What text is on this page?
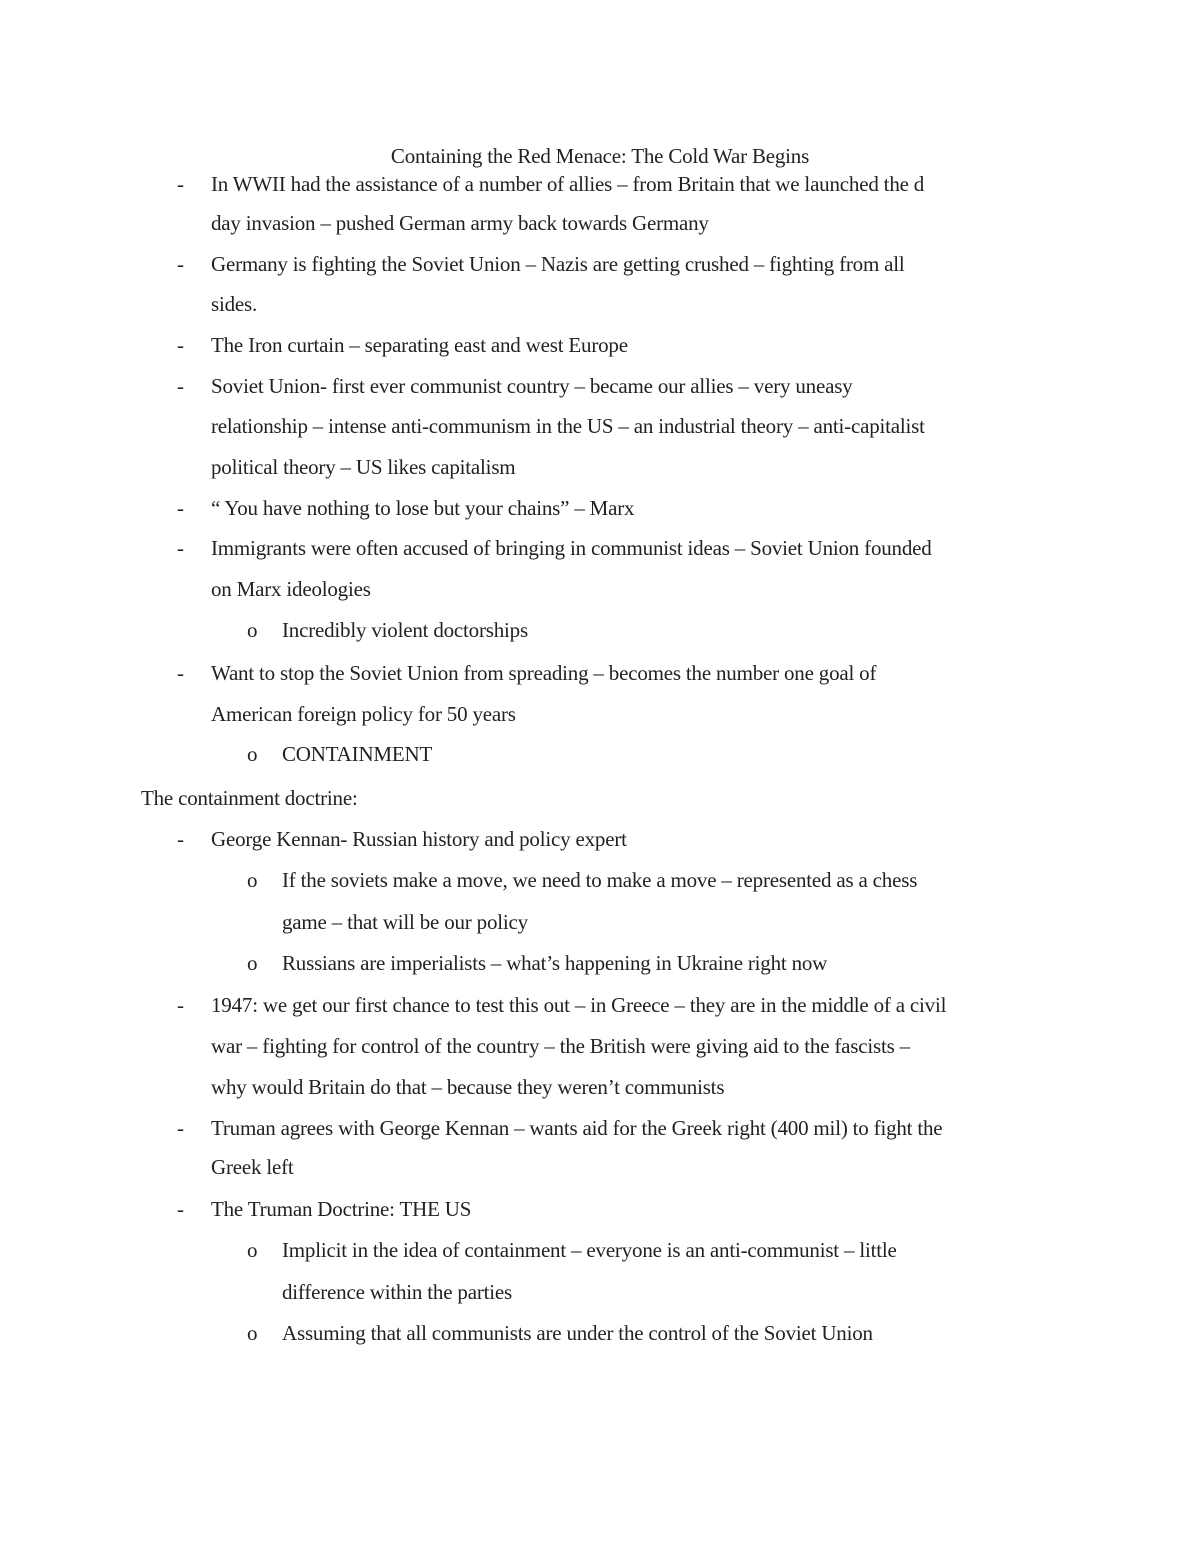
Containing the Red Menace: The Cold War Begins
- In WWII had the assistance of a number of allies – from Britain that we launched the d
day invasion – pushed German army back towards Germany
- Germany is fighting the Soviet Union – Nazis are getting crushed – fighting from all
sides.
- The Iron curtain – separating east and west Europe
- Soviet Union- first ever communist country – became our allies – very uneasy
relationship – intense anti-communism in the US – an industrial theory – anti-capitalist
political theory – US likes capitalism
- “ You have nothing to lose but your chains” – Marx
- Immigrants were often accused of bringing in communist ideas – Soviet Union founded
on Marx ideologies
o Incredibly violent doctorships
- Want to stop the Soviet Union from spreading – becomes the number one goal of
American foreign policy for 50 years
o CONTAINMENT
The containment doctrine:
- George Kennan- Russian history and policy expert
o If the soviets make a move, we need to make a move – represented as a chess
game – that will be our policy
o Russians are imperialists – what’s happening in Ukraine right now
- 1947: we get our first chance to test this out – in Greece – they are in the middle of a civil
war – fighting for control of the country – the British were giving aid to the fascists –
why would Britain do that – because they weren’t communists
- Truman agrees with George Kennan – wants aid for the Greek right (400 mil) to fight the
Greek left
- The Truman Doctrine: THE US
o Implicit in the idea of containment – everyone is an anti-communist – little
difference within the parties
o Assuming that all communists are under the control of the Soviet Union
